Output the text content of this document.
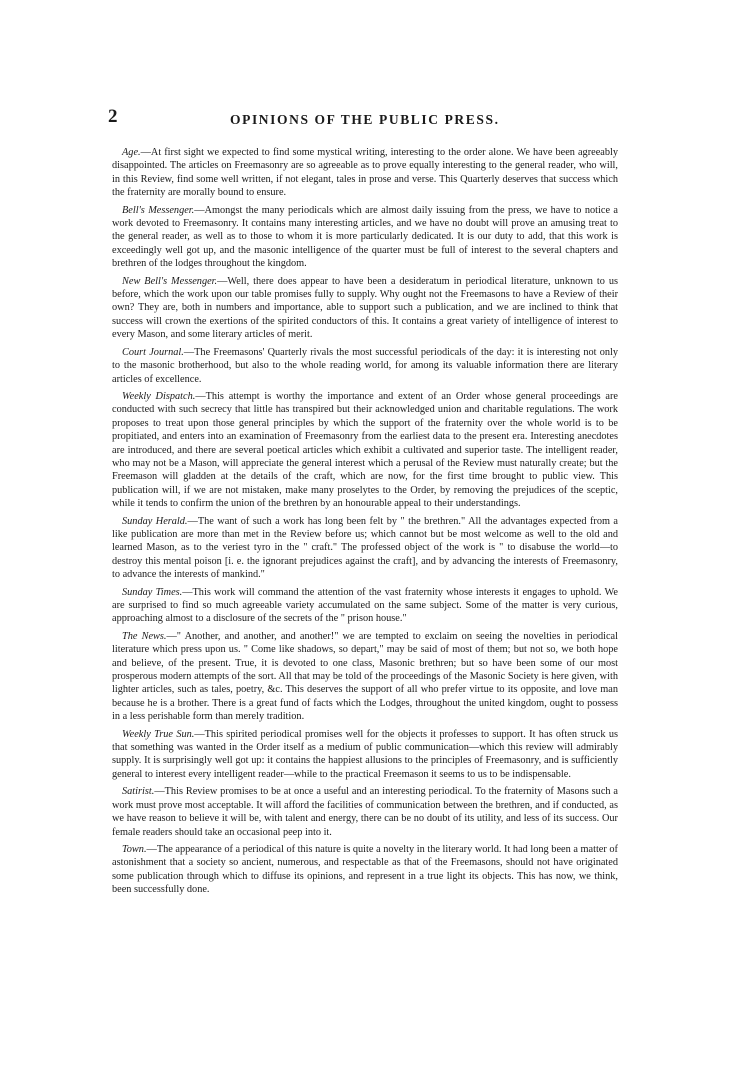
2	OPINIONS OF THE PUBLIC PRESS.

Age.—At first sight we expected to find some mystical writing, interesting to the order alone. We have been agreeably disappointed. The articles on Freemasonry are so agreeable as to prove equally interesting to the general reader, who will, in this Review, find some well written, if not elegant, tales in prose and verse. This Quarterly deserves that success which the fraternity are morally bound to ensure.

Bell's Messenger.—Amongst the many periodicals which are almost daily issuing from the press, we have to notice a work devoted to Freemasonry. It contains many interesting articles, and we have no doubt will prove an amusing treat to the general reader, as well as to those to whom it is more particularly dedicated. It is our duty to add, that this work is exceedingly well got up, and the masonic intelligence of the quarter must be full of interest to the several chapters and brethren of the lodges throughout the kingdom.

New Bell's Messenger.—Well, there does appear to have been a desideratum in periodical literature, unknown to us before, which the work upon our table promises fully to supply. Why ought not the Freemasons to have a Review of their own? They are, both in numbers and importance, able to support such a publication, and we are inclined to think that success will crown the exertions of the spirited conductors of this. It contains a great variety of intelligence of interest to every Mason, and some literary articles of merit.

Court Journal.—The Freemasons' Quarterly rivals the most successful periodicals of the day: it is interesting not only to the masonic brotherhood, but also to the whole reading world, for among its valuable information there are literary articles of excellence.

Weekly Dispatch.—This attempt is worthy the importance and extent of an Order whose general proceedings are conducted with such secrecy that little has transpired but their acknowledged union and charitable regulations. The work proposes to treat upon those general principles by which the support of the fraternity over the whole world is to be propitiated, and enters into an examination of Freemasonry from the earliest data to the present era. Interesting anecdotes are introduced, and there are several poetical articles which exhibit a cultivated and superior taste. The intelligent reader, who may not be a Mason, will appreciate the general interest which a perusal of the Review must naturally create; but the Freemason will gladden at the details of the craft, which are now, for the first time brought to public view. This publication will, if we are not mistaken, make many proselytes to the Order, by removing the prejudices of the sceptic, while it tends to confirm the union of the brethren by an honourable appeal to their understandings.

Sunday Herald.—The want of such a work has long been felt by " the brethren." All the advantages expected from a like publication are more than met in the Review before us; which cannot but be most welcome as well to the old and learned Mason, as to the veriest tyro in the " craft." The professed object of the work is " to disabuse the world—to destroy this mental poison [i. e. the ignorant prejudices against the craft], and by advancing the interests of Freemasonry, to advance the interests of mankind."

Sunday Times.—This work will command the attention of the vast fraternity whose interests it engages to uphold. We are surprised to find so much agreeable variety accumulated on the same subject. Some of the matter is very curious, approaching almost to a disclosure of the secrets of the " prison house."

The News.—" Another, and another, and another!" we are tempted to exclaim on seeing the novelties in periodical literature which press upon us. " Come like shadows, so depart," may be said of most of them; but not so, we both hope and believe, of the present. True, it is devoted to one class, Masonic brethren; but so have been some of our most prosperous modern attempts of the sort. All that may be told of the proceedings of the Masonic Society is here given, with lighter articles, such as tales, poetry, &c. This deserves the support of all who prefer virtue to its opposite, and love man because he is a brother. There is a great fund of facts which the Lodges, throughout the united kingdom, ought to possess in a less perishable form than merely tradition.

Weekly True Sun.—This spirited periodical promises well for the objects it professes to support. It has often struck us that something was wanted in the Order itself as a medium of public communication—which this review will admirably supply. It is surprisingly well got up: it contains the happiest allusions to the principles of Freemasonry, and is sufficiently general to interest every intelligent reader—while to the practical Freemason it seems to us to be indispensable.

Satirist.—This Review promises to be at once a useful and an interesting periodical. To the fraternity of Masons such a work must prove most acceptable. It will afford the facilities of communication between the brethren, and if conducted, as we have reason to believe it will be, with talent and energy, there can be no doubt of its utility, and less of its success. Our female readers should take an occasional peep into it.

Town.—The appearance of a periodical of this nature is quite a novelty in the literary world. It had long been a matter of astonishment that a society so ancient, numerous, and respectable as that of the Freemasons, should not have originated some publication through which to diffuse its opinions, and represent in a true light its objects. This has now, we think, been successfully done.
